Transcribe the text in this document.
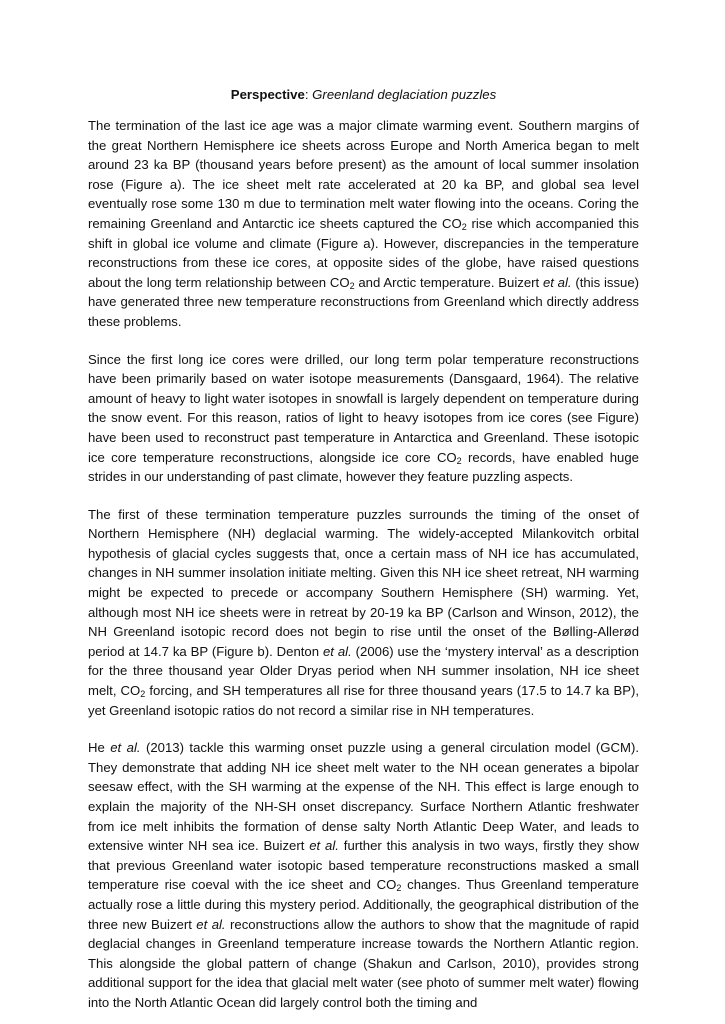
Perspective: Greenland deglaciation puzzles

The termination of the last ice age was a major climate warming event. Southern margins of the great Northern Hemisphere ice sheets across Europe and North America began to melt around 23 ka BP (thousand years before present) as the amount of local summer insolation rose (Figure a). The ice sheet melt rate accelerated at 20 ka BP, and global sea level eventually rose some 130 m due to termination melt water flowing into the oceans. Coring the remaining Greenland and Antarctic ice sheets captured the $CO_2$ rise which accompanied this shift in global ice volume and climate (Figure a). However, discrepancies in the temperature reconstructions from these ice cores, at opposite sides of the globe, have raised questions about the long term relationship between $CO_2$ and Arctic temperature. Buizert et al. (this issue) have generated three new temperature reconstructions from Greenland which directly address these problems.

Since the first long ice cores were drilled, our long term polar temperature reconstructions have been primarily based on water isotope measurements (Dansgaard, 1964). The relative amount of heavy to light water isotopes in snowfall is largely dependent on temperature during the snow event. For this reason, ratios of light to heavy isotopes from ice cores (see Figure) have been used to reconstruct past temperature in Antarctica and Greenland. These isotopic ice core temperature reconstructions, alongside ice core $CO_2$ records, have enabled huge strides in our understanding of past climate, however they feature puzzling aspects.

The first of these termination temperature puzzles surrounds the timing of the onset of Northern Hemisphere (NH) deglacial warming. The widely-accepted Milankovitch orbital hypothesis of glacial cycles suggests that, once a certain mass of NH ice has accumulated, changes in NH summer insolation initiate melting. Given this NH ice sheet retreat, NH warming might be expected to precede or accompany Southern Hemisphere (SH) warming. Yet, although most NH ice sheets were in retreat by 20-19 ka BP (Carlson and Winson, 2012), the NH Greenland isotopic record does not begin to rise until the onset of the Bølling-Allerød period at 14.7 ka BP (Figure b). Denton et al. (2006) use the ‘mystery interval’ as a description for the three thousand year Older Dryas period when NH summer insolation, NH ice sheet melt, $CO_2$ forcing, and SH temperatures all rise for three thousand years (17.5 to 14.7 ka BP), yet Greenland isotopic ratios do not record a similar rise in NH temperatures.

He et al. (2013) tackle this warming onset puzzle using a general circulation model (GCM). They demonstrate that adding NH ice sheet melt water to the NH ocean generates a bipolar seesaw effect, with the SH warming at the expense of the NH. This effect is large enough to explain the majority of the NH-SH onset discrepancy. Surface Northern Atlantic freshwater from ice melt inhibits the formation of dense salty North Atlantic Deep Water, and leads to extensive winter NH sea ice. Buizert et al. further this analysis in two ways, firstly they show that previous Greenland water isotopic based temperature reconstructions masked a small temperature rise coeval with the ice sheet and $CO_2$ changes. Thus Greenland temperature actually rose a little during this mystery period. Additionally, the geographical distribution of the three new Buizert et al. reconstructions allow the authors to show that the magnitude of rapid deglacial changes in Greenland temperature increase towards the Northern Atlantic region. This alongside the global pattern of change (Shakun and Carlson, 2010), provides strong additional support for the idea that glacial melt water (see photo of summer melt water) flowing into the North Atlantic Ocean did largely control both the timing and
